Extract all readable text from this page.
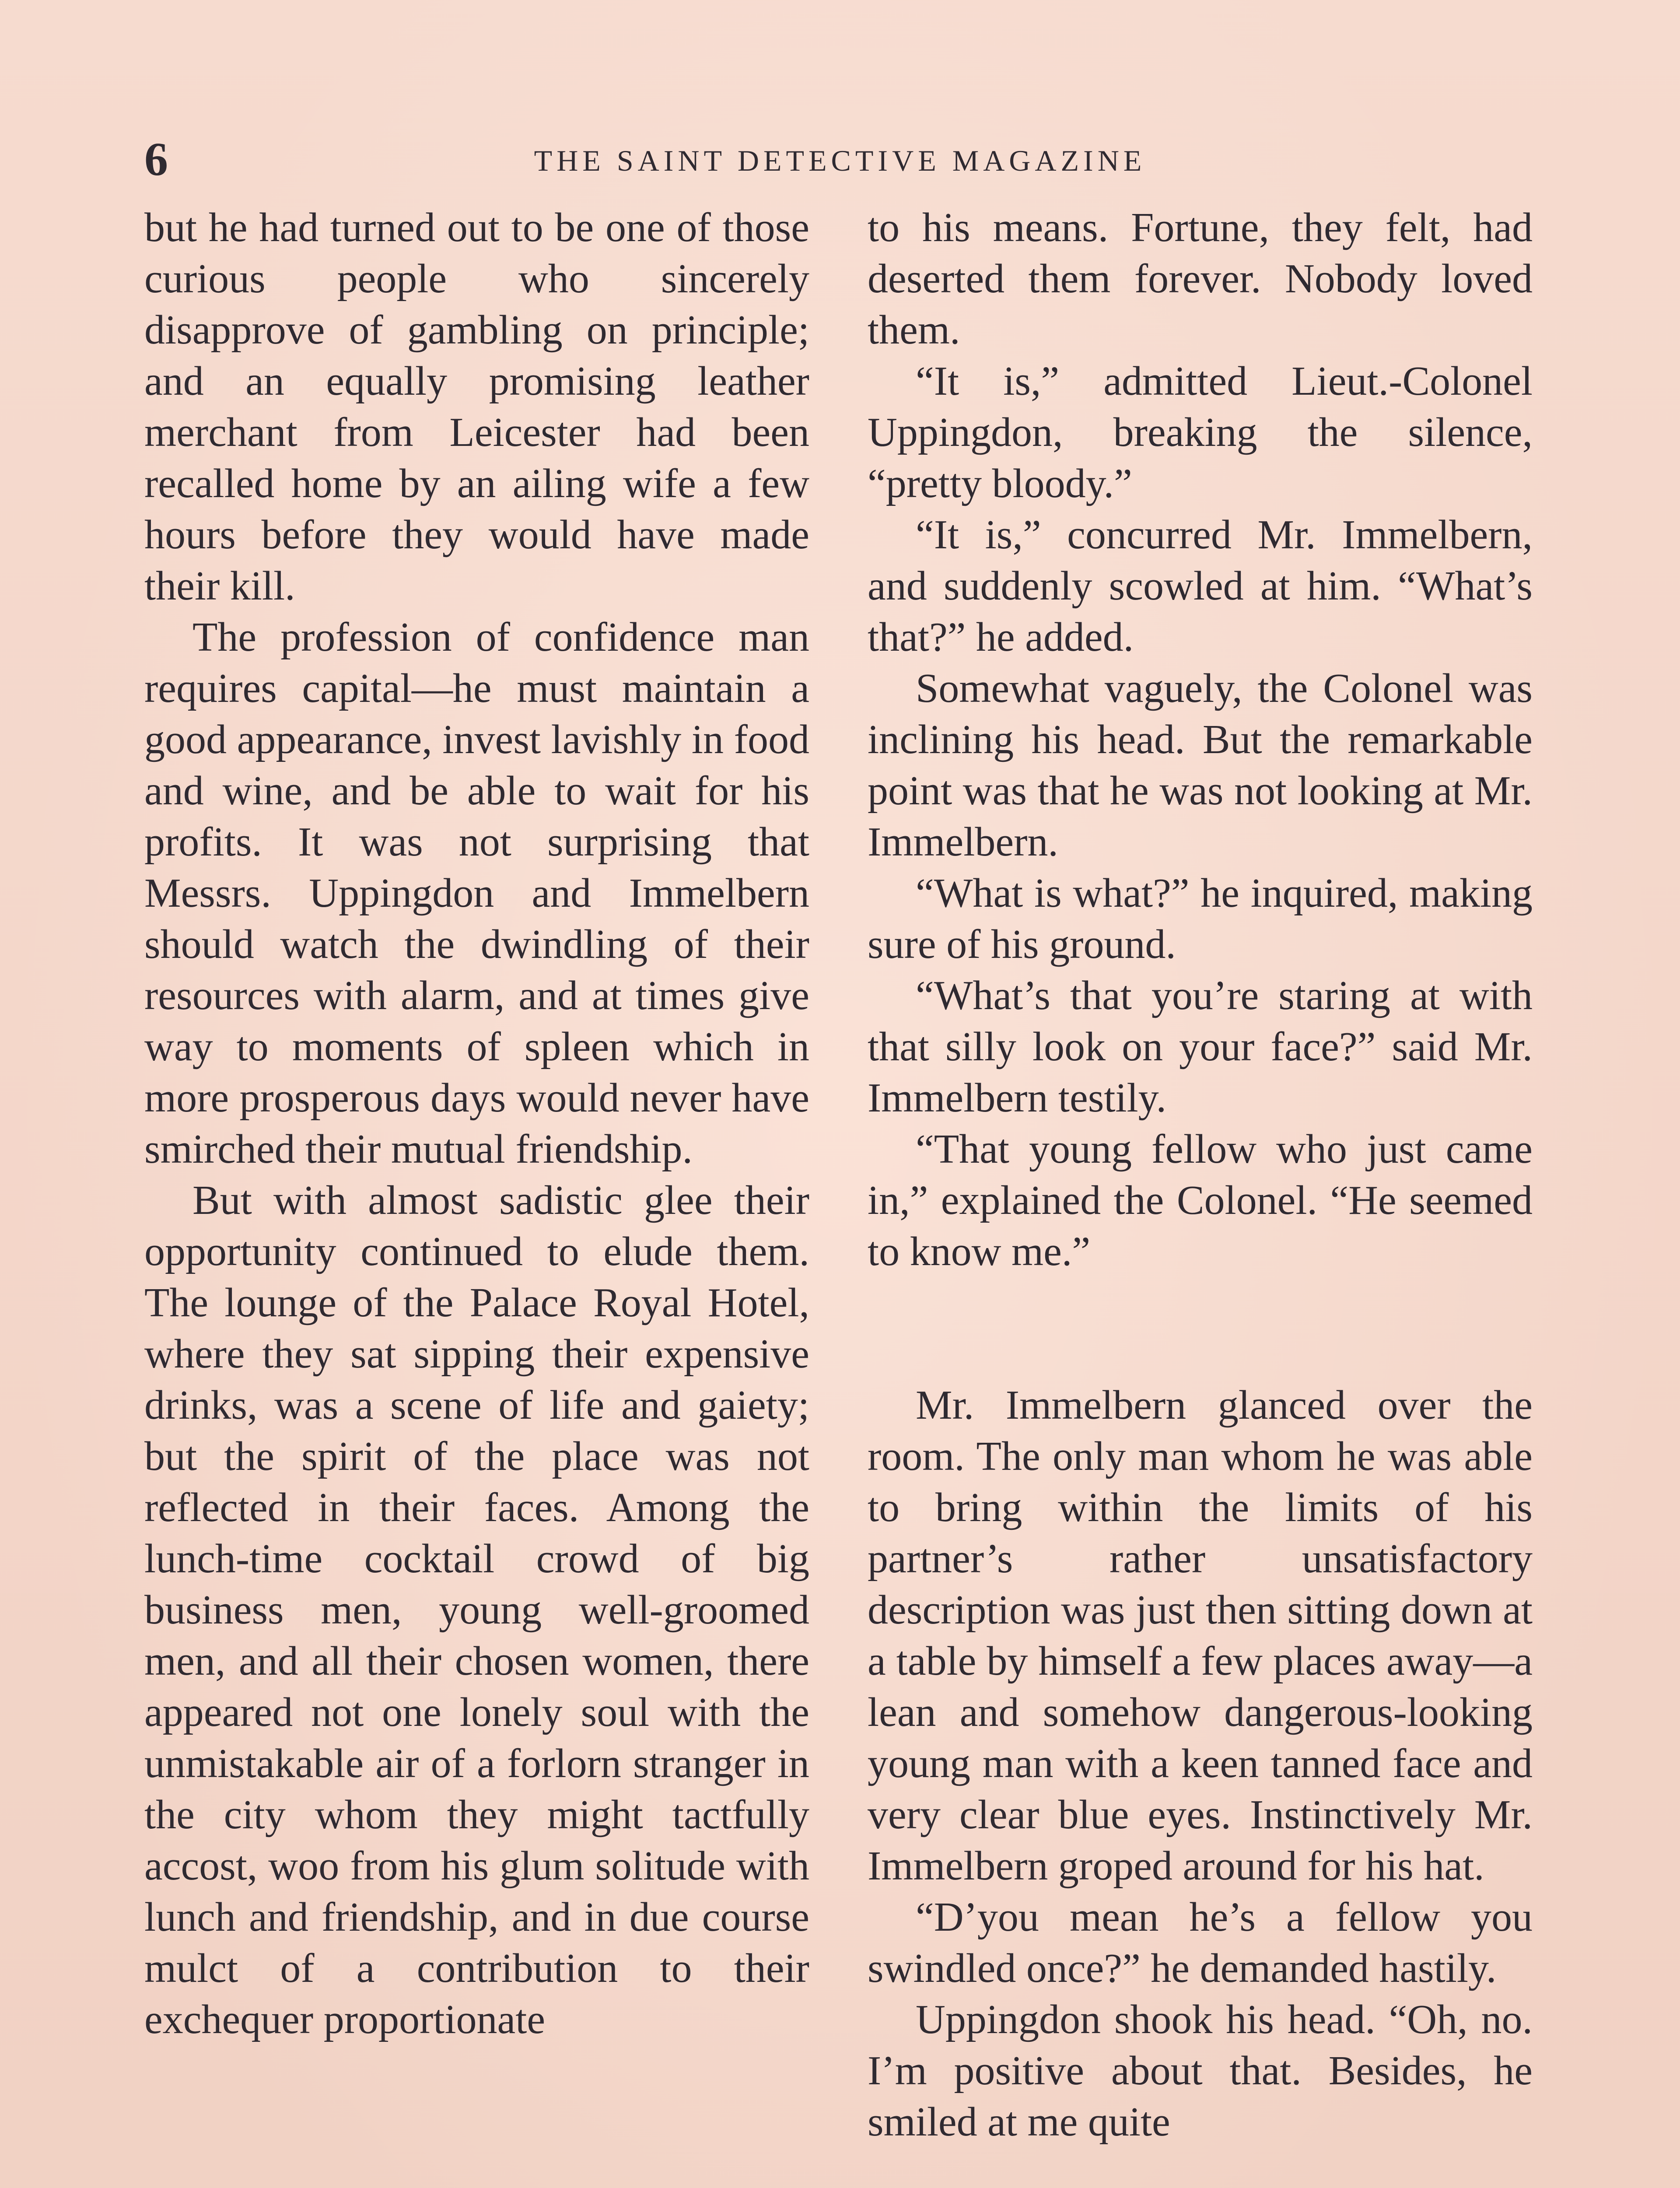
6	THE SAINT DETECTIVE MAGAZINE

but he had turned out to be one of those curious people who sincerely disapprove of gambling on principle; and an equally promising leather merchant from Leicester had been recalled home by an ailing wife a few hours before they would have made their kill.

The profession of confidence man requires capital—he must maintain a good appearance, invest lavishly in food and wine, and be able to wait for his profits. It was not surprising that Messrs. Uppingdon and Immelbern should watch the dwindling of their resources with alarm, and at times give way to moments of spleen which in more prosperous days would never have smirched their mutual friendship.

But with almost sadistic glee their opportunity continued to elude them. The lounge of the Palace Royal Hotel, where they sat sipping their expensive drinks, was a scene of life and gaiety; but the spirit of the place was not reflected in their faces. Among the lunch-time cocktail crowd of big business men, young well-groomed men, and all their chosen women, there appeared not one lonely soul with the unmistakable air of a forlorn stranger in the city whom they might tactfully accost, woo from his glum solitude with lunch and friendship, and in due course mulct of a contribution to their exchequer proportionate

to his means. Fortune, they felt, had deserted them forever. Nobody loved them.

“It is,” admitted Lieut.-Colonel Uppingdon, breaking the silence, “pretty bloody.”

“It is,” concurred Mr. Immelbern, and suddenly scowled at him. “What’s that?” he added.

Somewhat vaguely, the Colonel was inclining his head. But the remarkable point was that he was not looking at Mr. Immelbern.

“What is what?” he inquired, making sure of his ground.

“What’s that you’re staring at with that silly look on your face?” said Mr. Immelbern testily.

“That young fellow who just came in,” explained the Colonel. “He seemed to know me.”

Mr. Immelbern glanced over the room. The only man whom he was able to bring within the limits of his partner’s rather unsatisfactory description was just then sitting down at a table by himself a few places away—a lean and somehow dangerous-looking young man with a keen tanned face and very clear blue eyes. Instinctively Mr. Immelbern groped around for his hat.

“D’you mean he’s a fellow you swindled once?” he demanded hastily.

Uppingdon shook his head. “Oh, no. I’m positive about that. Besides, he smiled at me quite
